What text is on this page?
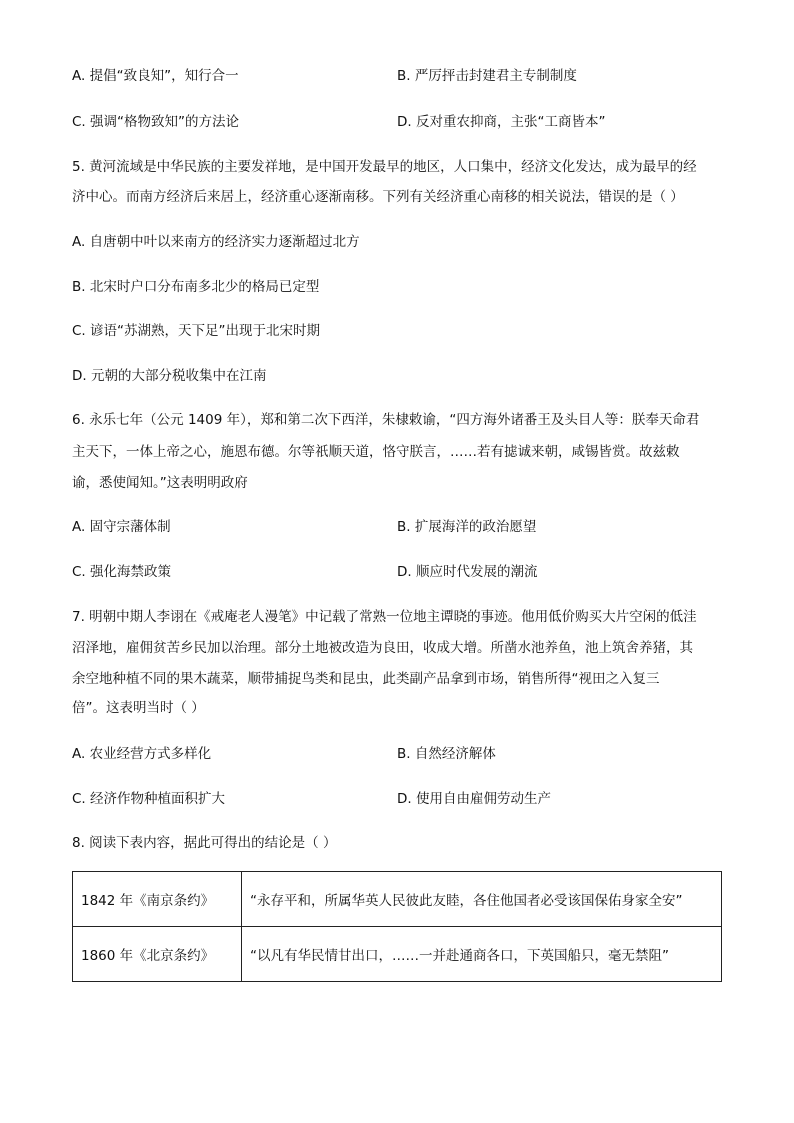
A. 提倡“致良知”，知行合一	B. 严厉抨击封建君主专制制度
C. 强调“格物致知”的方法论	D. 反对重农抑商，主张“工商皆本”
5. 黄河流域是中华民族的主要发祥地，是中国开发最早的地区，人口集中，经济文化发达，成为最早的经
济中心。而南方经济后来居上，经济重心逐渐南移。下列有关经济重心南移的相关说法，错误的是（ ）
A. 自唐朝中叶以来南方的经济实力逐渐超过北方
B. 北宋时户口分布南多北少的格局已定型
C. 谚语“苏湖熟，天下足”出现于北宋时期
D. 元朝的大部分税收集中在江南
6. 永乐七年（公元 1409 年），郑和第二次下西洋，朱棣敕谕，“四方海外诸番王及头目人等：朕奉天命君
主天下，一体上帝之心，施恩布德。尔等祇顺天道，恪守朕言，……若有摅诚来朝，咸锡皆赏。故兹敕
谕，悉使闻知。”这表明明政府
A. 固守宗藩体制	B. 扩展海洋的政治愿望
C. 强化海禁政策	D. 顺应时代发展的潮流
7. 明朝中期人李诩在《戒庵老人漫笔》中记载了常熟一位地主谭晓的事迹。他用低价购买大片空闲的低洼
沼泽地，雇佣贫苦乡民加以治理。部分土地被改造为良田，收成大增。所凿水池养鱼，池上筑舍养猪，其
余空地种植不同的果木蔬菜，顺带捕捉鸟类和昆虫，此类副产品拿到市场，销售所得“视田之入复三
倍”。这表明当时（ ）
A. 农业经营方式多样化	B. 自然经济解体
C. 经济作物种植面积扩大	D. 使用自由雇佣劳动生产
8. 阅读下表内容，据此可得出的结论是（ ）
1842 年《南京条约》	“永存平和，所属华英人民彼此友睦，各住他国者必受该国保佑身家全安”
1860 年《北京条约》	“以凡有华民情甘出口，……一并赴通商各口，下英国船只，毫无禁阻”
